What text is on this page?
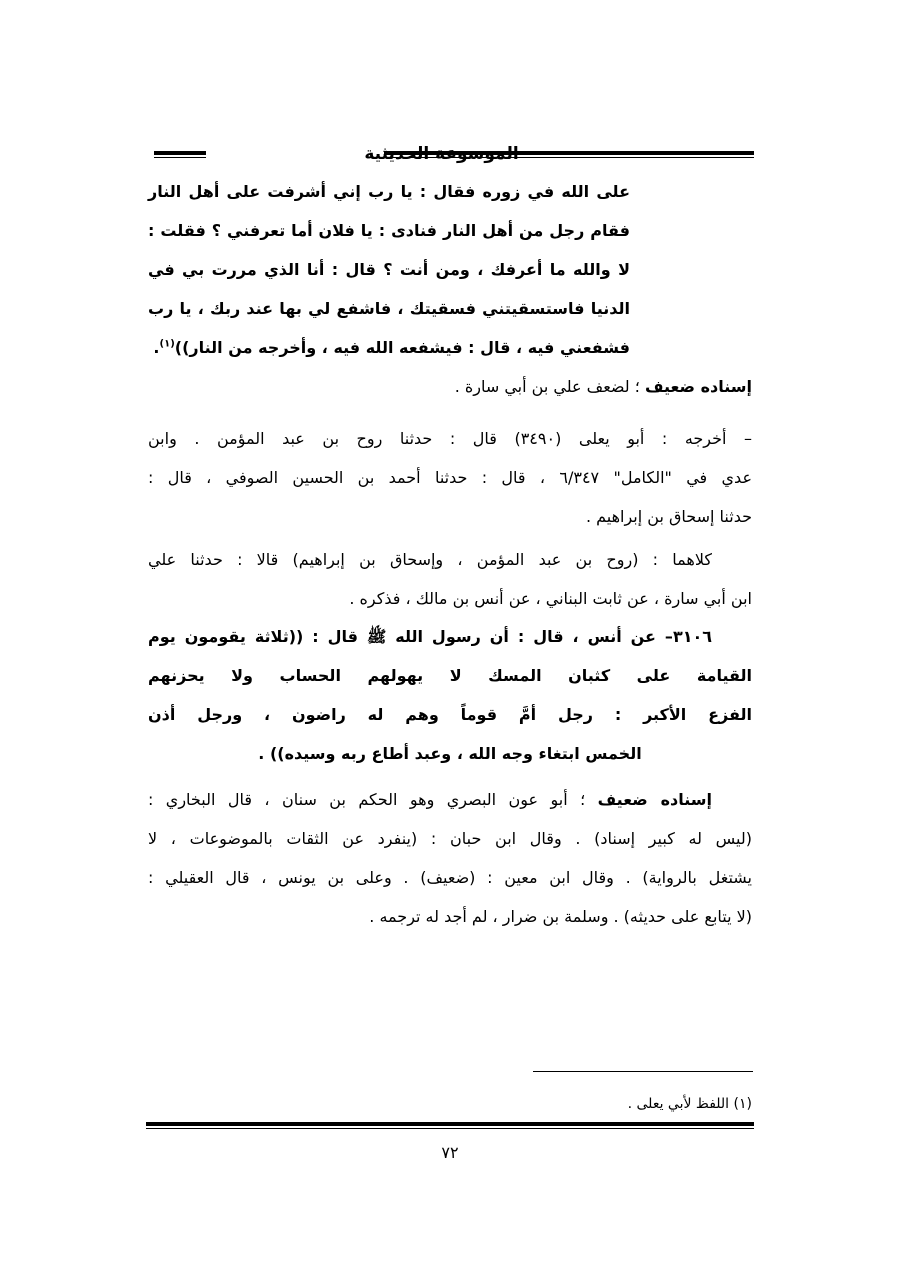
الموسوعة الحديثية
على الله في زوره فقال : يا رب إني أشرفت على أهل النار
فقام رجل من أهل النار فنادى : يا فلان أما تعرفني ؟ فقلت :
لا والله ما أعرفك ، ومن أنت ؟ قال : أنا الذي مررت بي في
الدنيا فاستسقيتني فسقيتك ، فاشفع لي بها عند ربك ، يا رب
فشفعني فيه ، قال : فيشفعه الله فيه ، وأخرجه من النار))$^{(١)}$.
إسناده ضعيف ؛ لضعف علي بن أبي سارة .
– أخرجه : أبو يعلى (٣٤٩٠) قال : حدثنا روح بن عبد المؤمن . وابن
عدي في "الكامل" ٦/٣٤٧ ، قال : حدثنا أحمد بن الحسين الصوفي ، قال :
حدثنا إسحاق بن إبراهيم .
كلاهما : (روح بن عبد المؤمن ، وإسحاق بن إبراهيم) قالا : حدثنا علي
ابن أبي سارة ، عن ثابت البناني ، عن أنس بن مالك ، فذكره .
٣١٠٦– عن أنس ، قال : أن رسول الله ﷺ قال : ((ثلاثة يقومون يوم
القيامة على كثبان المسك لا يهولهم الحساب ولا يحزنهم
الفزع الأكبر : رجل أمَّ قوماً وهم له راضون ، ورجل أذن
الخمس ابتغاء وجه الله ، وعبد أطاع ربه وسيده)) .
إسناده ضعيف ؛ أبو عون البصري وهو الحكم بن سنان ، قال البخاري :
(ليس له كبير إسناد) . وقال ابن حبان : (ينفرد عن الثقات بالموضوعات ، لا
يشتغل بالرواية) . وقال ابن معين : (ضعيف) . وعلى بن يونس ، قال العقيلي :
(لا يتابع على حديثه) . وسلمة بن ضرار ، لم أجد له ترجمه .
(١) اللفظ لأبي يعلى .
٧٢
